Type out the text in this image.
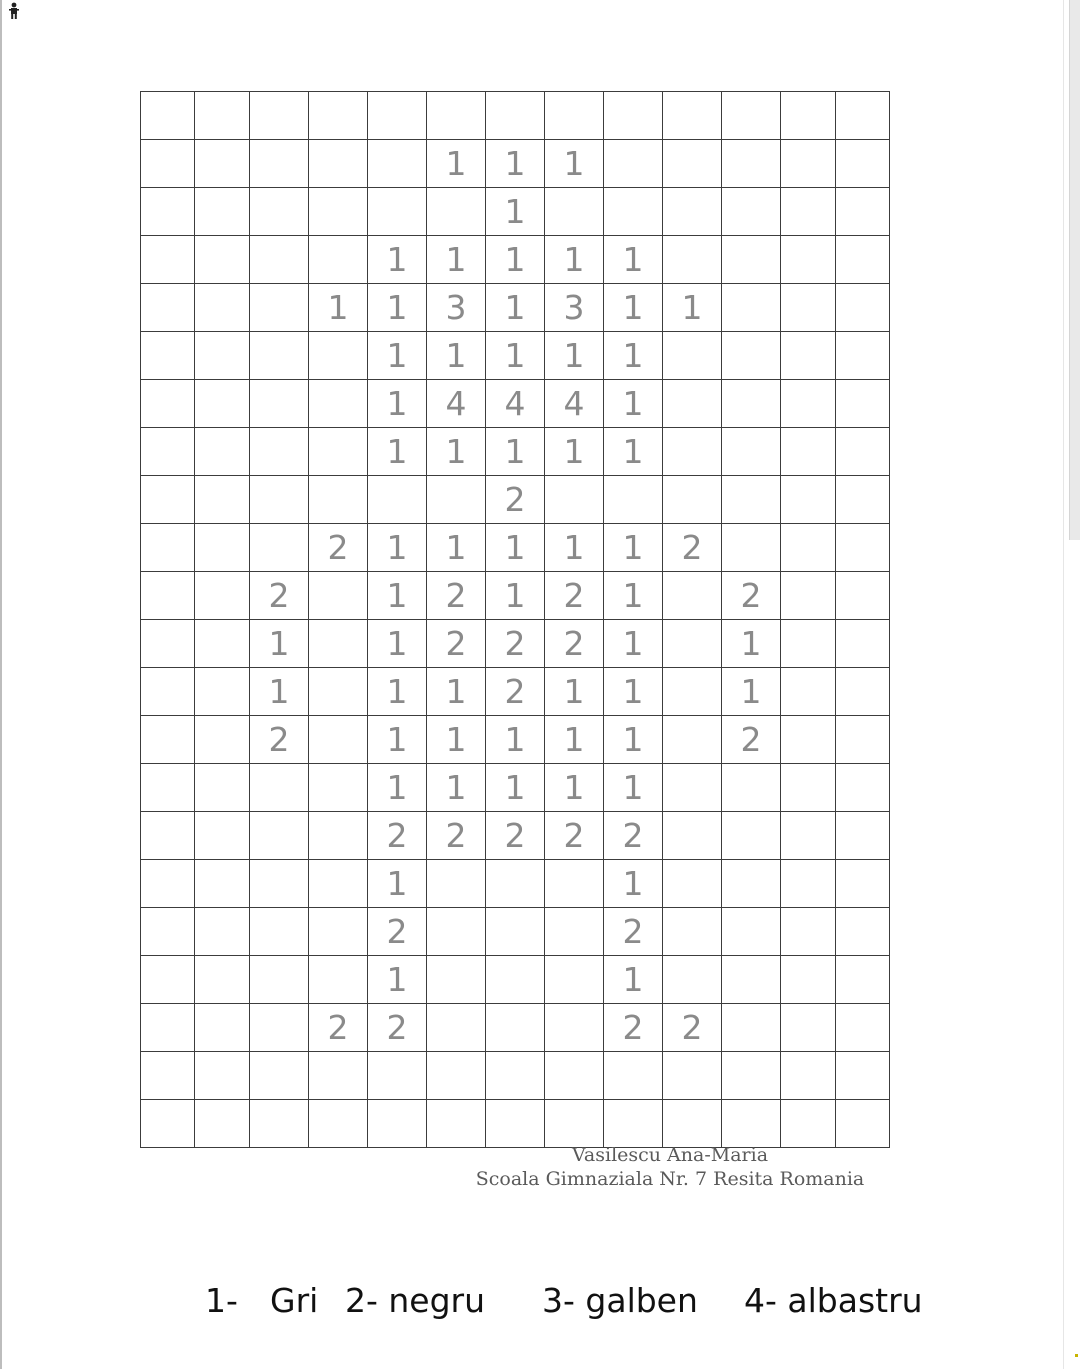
					1	1	1					
						1						
				1	1	1	1	1				
			1	1	3	1	3	1	1			
				1	1	1	1	1				
				1	4	4	4	1				
				1	1	1	1	1				
						2						
			2	1	1	1	1	1	2			
		2		1	2	1	2	1		2		
		1		1	2	2	2	1		1		
		1		1	1	2	1	1		1		
		2		1	1	1	1	1		2		
				1	1	1	1	1				
				2	2	2	2	2				
				1				1				
				2				2				
				1				1				
			2	2				2	2			

Vasilescu Ana-Maria
Scoala Gimnaziala Nr. 7 Resita Romania
1- Gri 2- negru 3- galben 4- albastru
